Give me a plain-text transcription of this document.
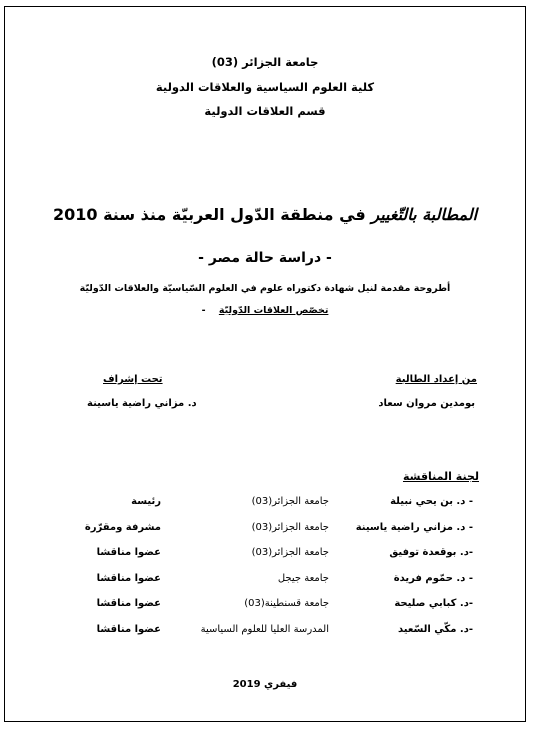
جامعة الجزائر (03)
كلية العلوم السياسية والعلاقات الدولية
قسم العلاقات الدولية
المطالبة بالتّغيير في منطقة الدّول العربيّة منذ سنة 2010
- دراسة حالة مصر -
أطروحة مقدمة لنيل شهادة دكتوراه علوم في العلوم السّياسيّة والعلاقات الدّوليّة
تخصّص العلاقات الدّوليّة -
من إعداد الطالبة
بومدين مروان سعاد
تحت إشراف
د. مزاني راضية ياسينة
لجنة المناقشة
- د. بن يحي نبيلة
جامعة الجزائر(03)
رئيسة
- د. مزاني راضية ياسينة
جامعة الجزائر(03)
مشرفة ومقرّرة
-د. بوقعدة توفيق
جامعة الجزائر(03)
عضوا مناقشا
- د. حمّوم فريدة
جامعة جيجل
عضوا مناقشا
-د. كبابي صليحة
جامعة قسنطينة(03)
عضوا مناقشا
-د. مكّي السّعيد
المدرسة العليا للعلوم السياسية
عضوا مناقشا
فيفري 2019
